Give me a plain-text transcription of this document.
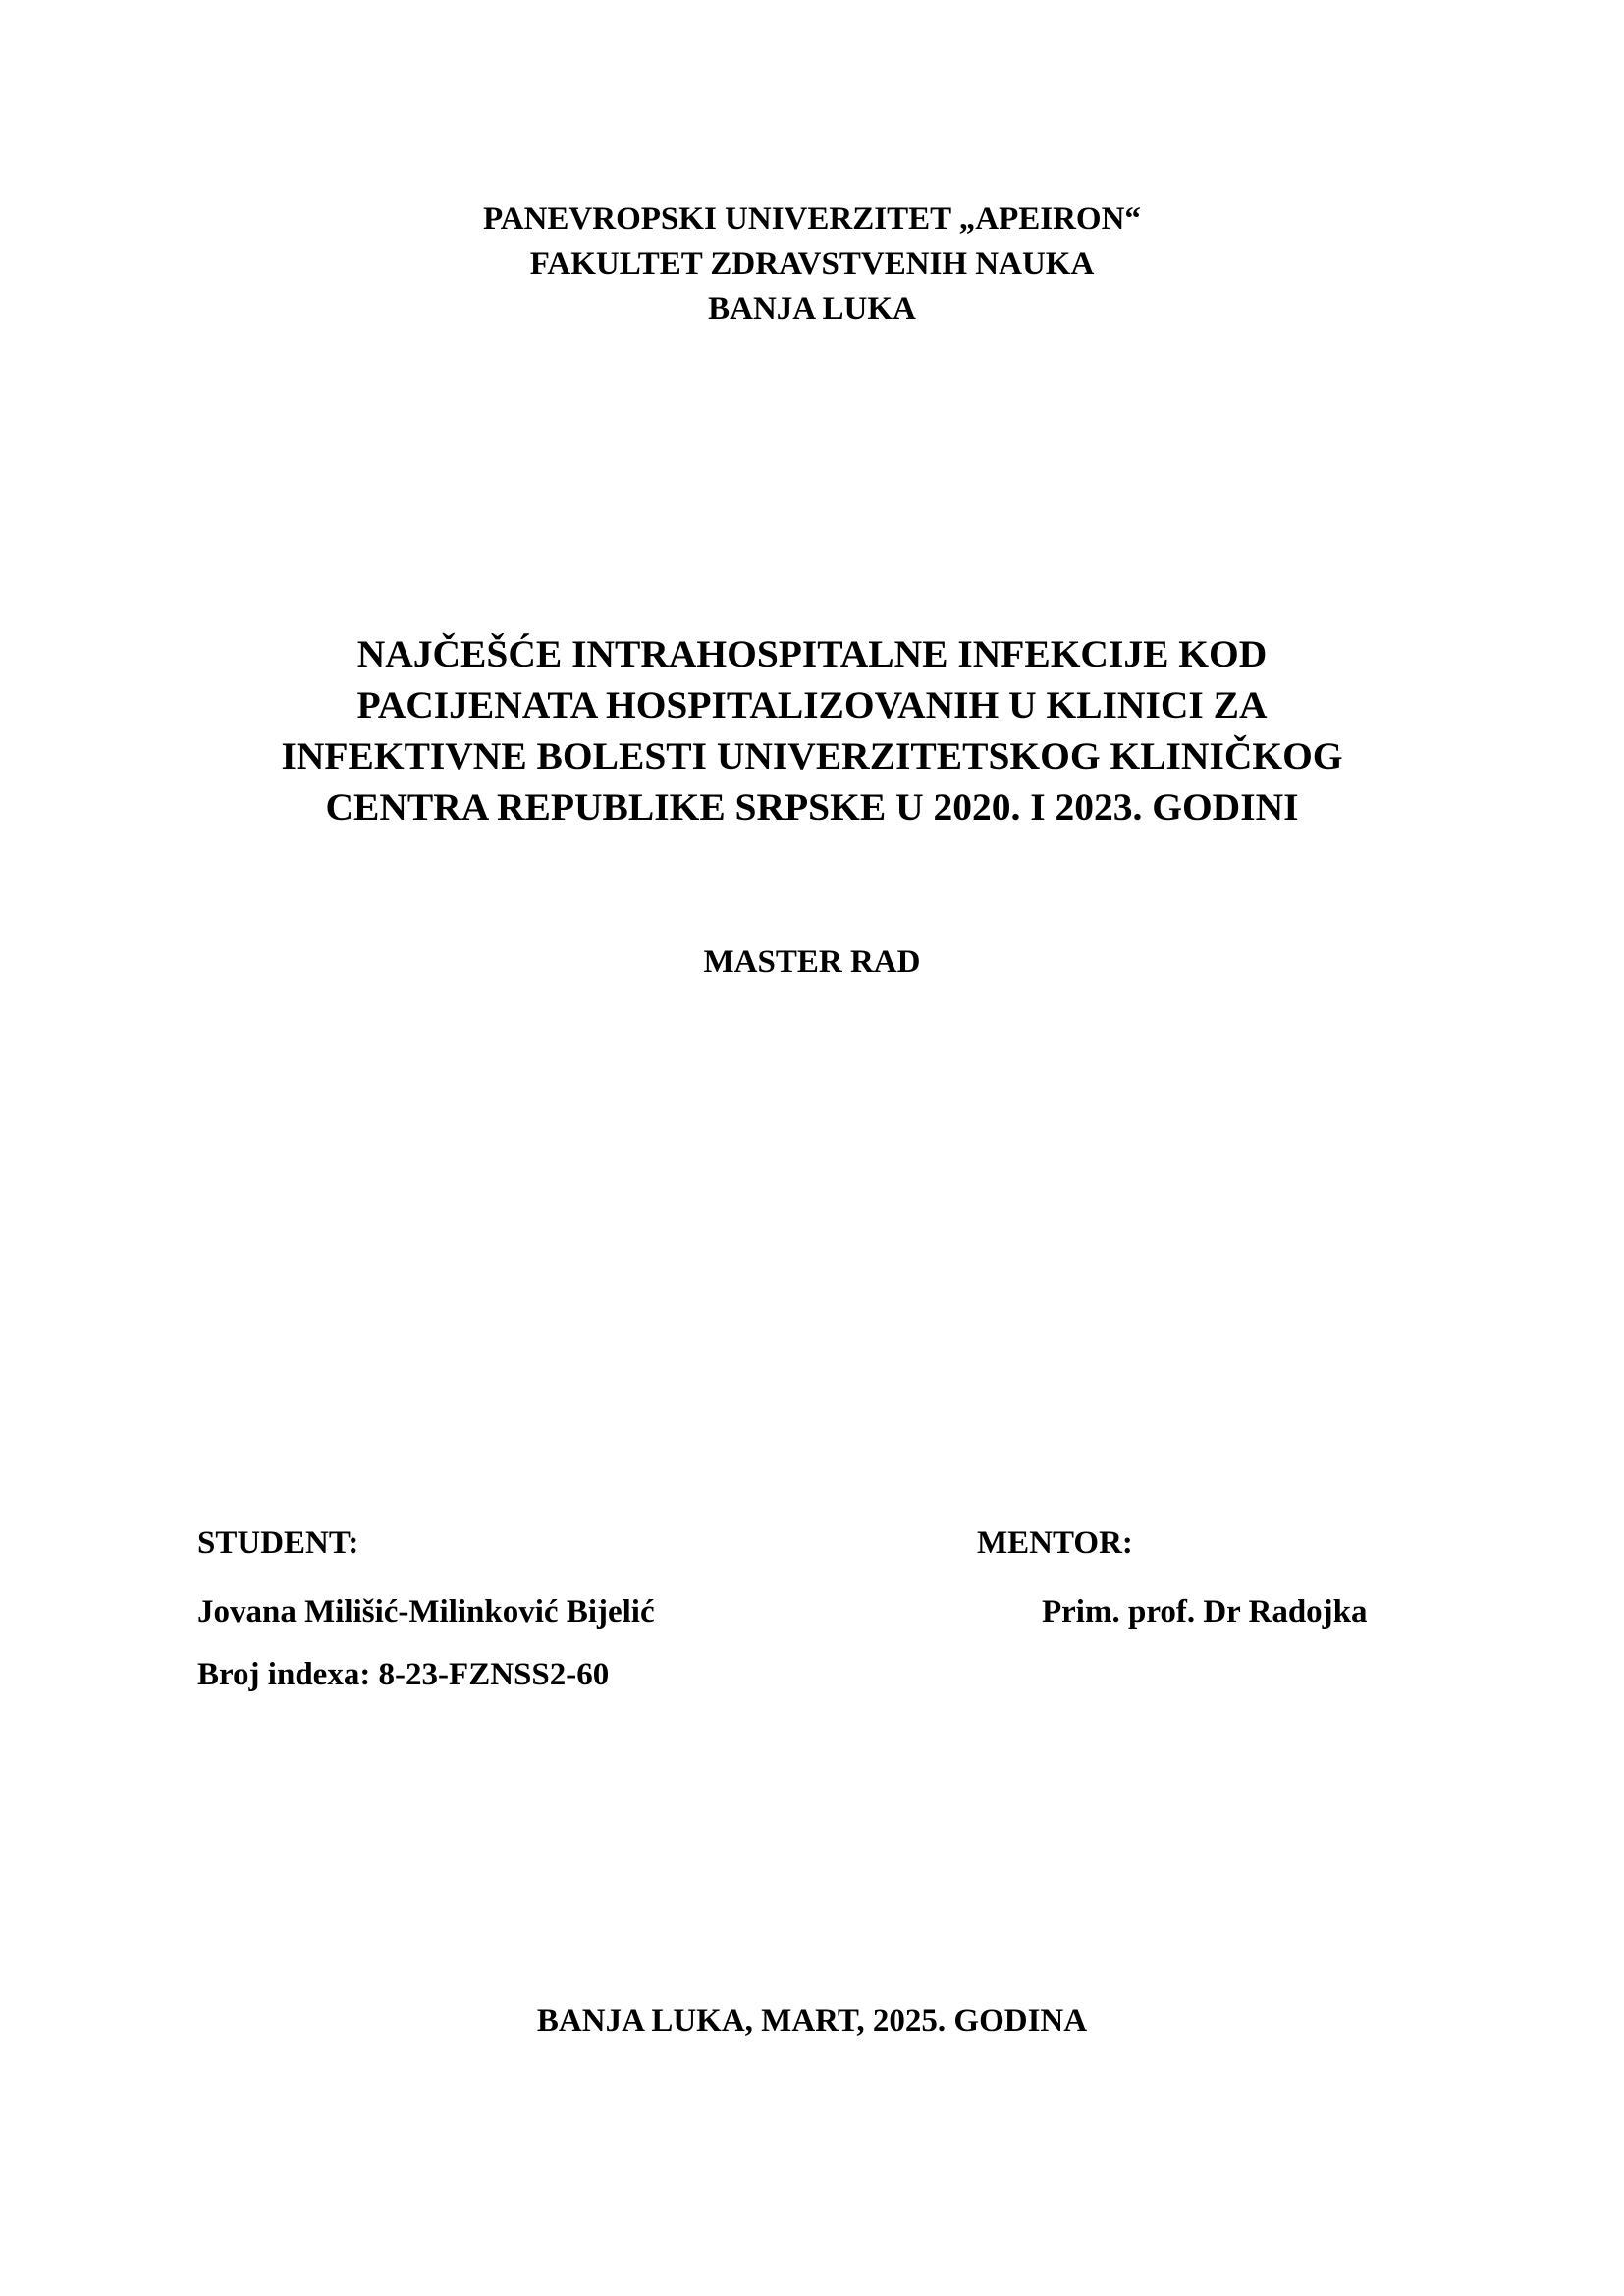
PANEVROPSKI UNIVERZITET „APEIRON“
FAKULTET ZDRAVSTVENIH NAUKA
BANJA LUKA
NAJČEŠĆE INTRAHOSPITALNE INFEKCIJE KOD
PACIJENATA HOSPITALIZOVANIH U KLINICI ZA
INFEKTIVNE BOLESTI UNIVERZITETSKOG KLINIČKOG
CENTRA REPUBLIKE SRPSKE U 2020. I 2023. GODINI
MASTER RAD
STUDENT:
Jovana Milišić-Milinković Bijelić
Broj indexa: 8-23-FZNSS2-60
MENTOR:
Prim. prof. Dr Radojka
BANJA LUKA, MART, 2025. GODINA
